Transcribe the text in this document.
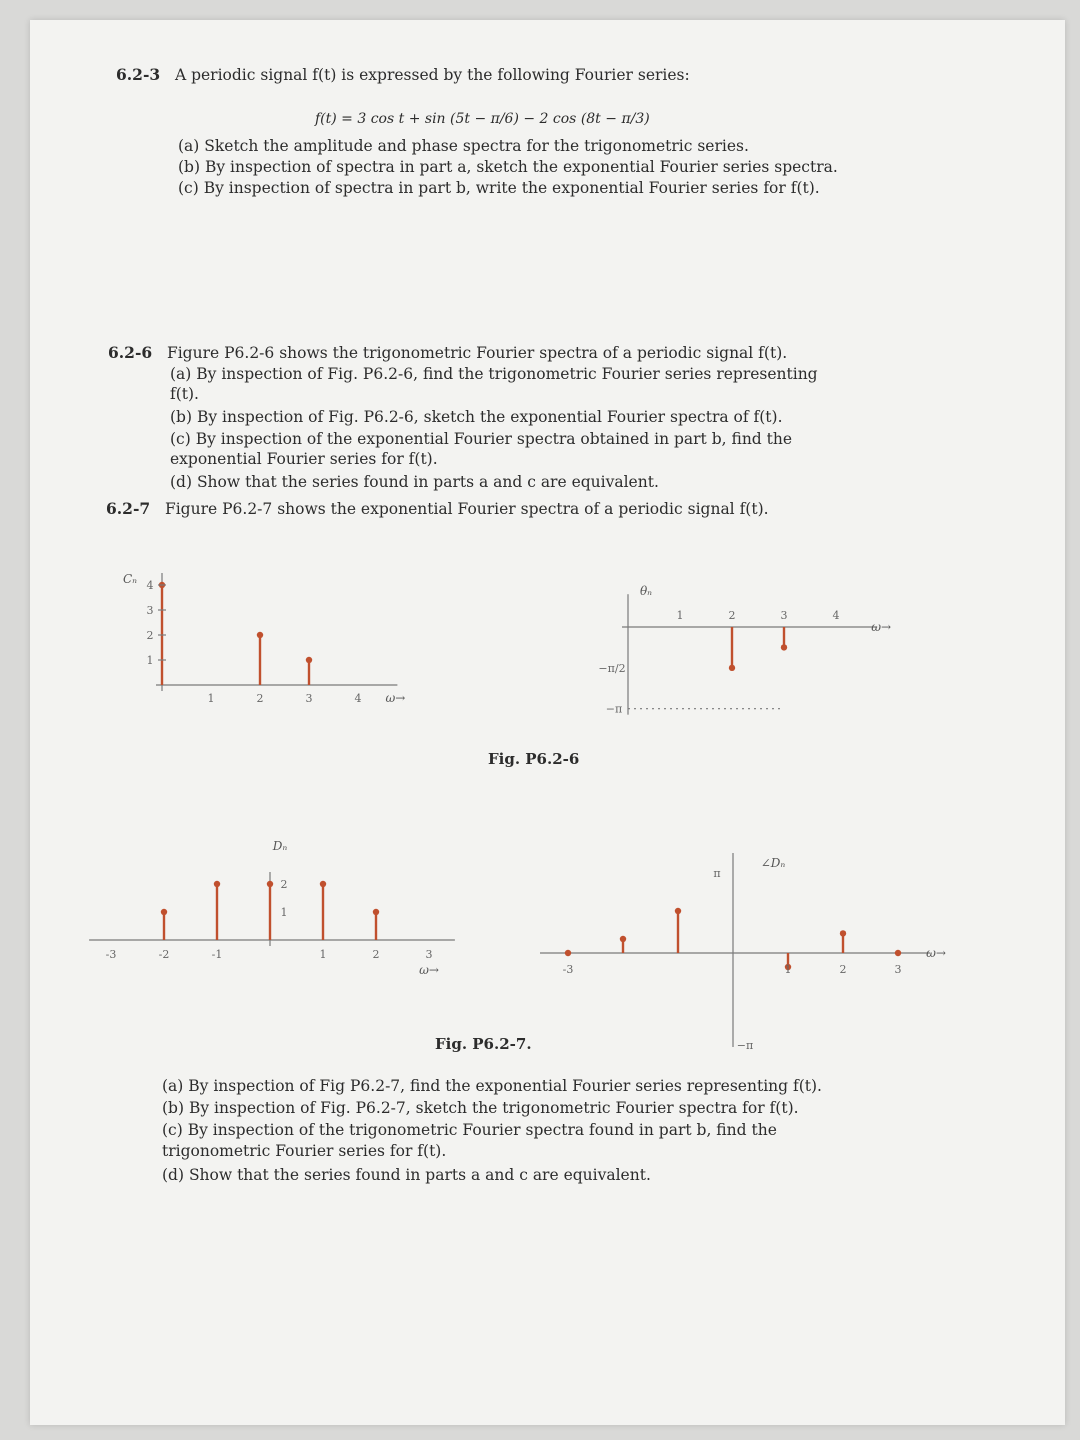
6.2-3 A periodic signal f(t) is expressed by the following Fourier series:
f(t) = 3 cos t + sin (5t − π/6) − 2 cos (8t − π/3)
(a) Sketch the amplitude and phase spectra for the trigonometric series.
(b) By inspection of spectra in part a, sketch the exponential Fourier series spectra.
(c) By inspection of spectra in part b, write the exponential Fourier series for f(t).
6.2-6 Figure P6.2-6 shows the trigonometric Fourier spectra of a periodic signal f(t).
(a) By inspection of Fig. P6.2-6, find the trigonometric Fourier series representing
f(t).
(b) By inspection of Fig. P6.2-6, sketch the exponential Fourier spectra of f(t).
(c) By inspection of the exponential Fourier spectra obtained in part b, find the
exponential Fourier series for f(t).
(d) Show that the series found in parts a and c are equivalent.
6.2-7 Figure P6.2-7 shows the exponential Fourier spectra of a periodic signal f(t).
Cₙ
1
2
3
4
1	2	3	4 ω→
θₙ
1	2	3	4
−π/2
−π
ω→
Fig. P6.2-6
Dₙ
1
2
-3	-2	-1	1	2	3
ω→
∠Dₙ
π
−π
-3	1	2	3
ω→
Fig. P6.2-7.
(a) By inspection of Fig P6.2-7, find the exponential Fourier series representing f(t).
(b) By inspection of Fig. P6.2-7, sketch the trigonometric Fourier spectra for f(t).
(c) By inspection of the trigonometric Fourier spectra found in part b, find the
trigonometric Fourier series for f(t).
(d) Show that the series found in parts a and c are equivalent.
